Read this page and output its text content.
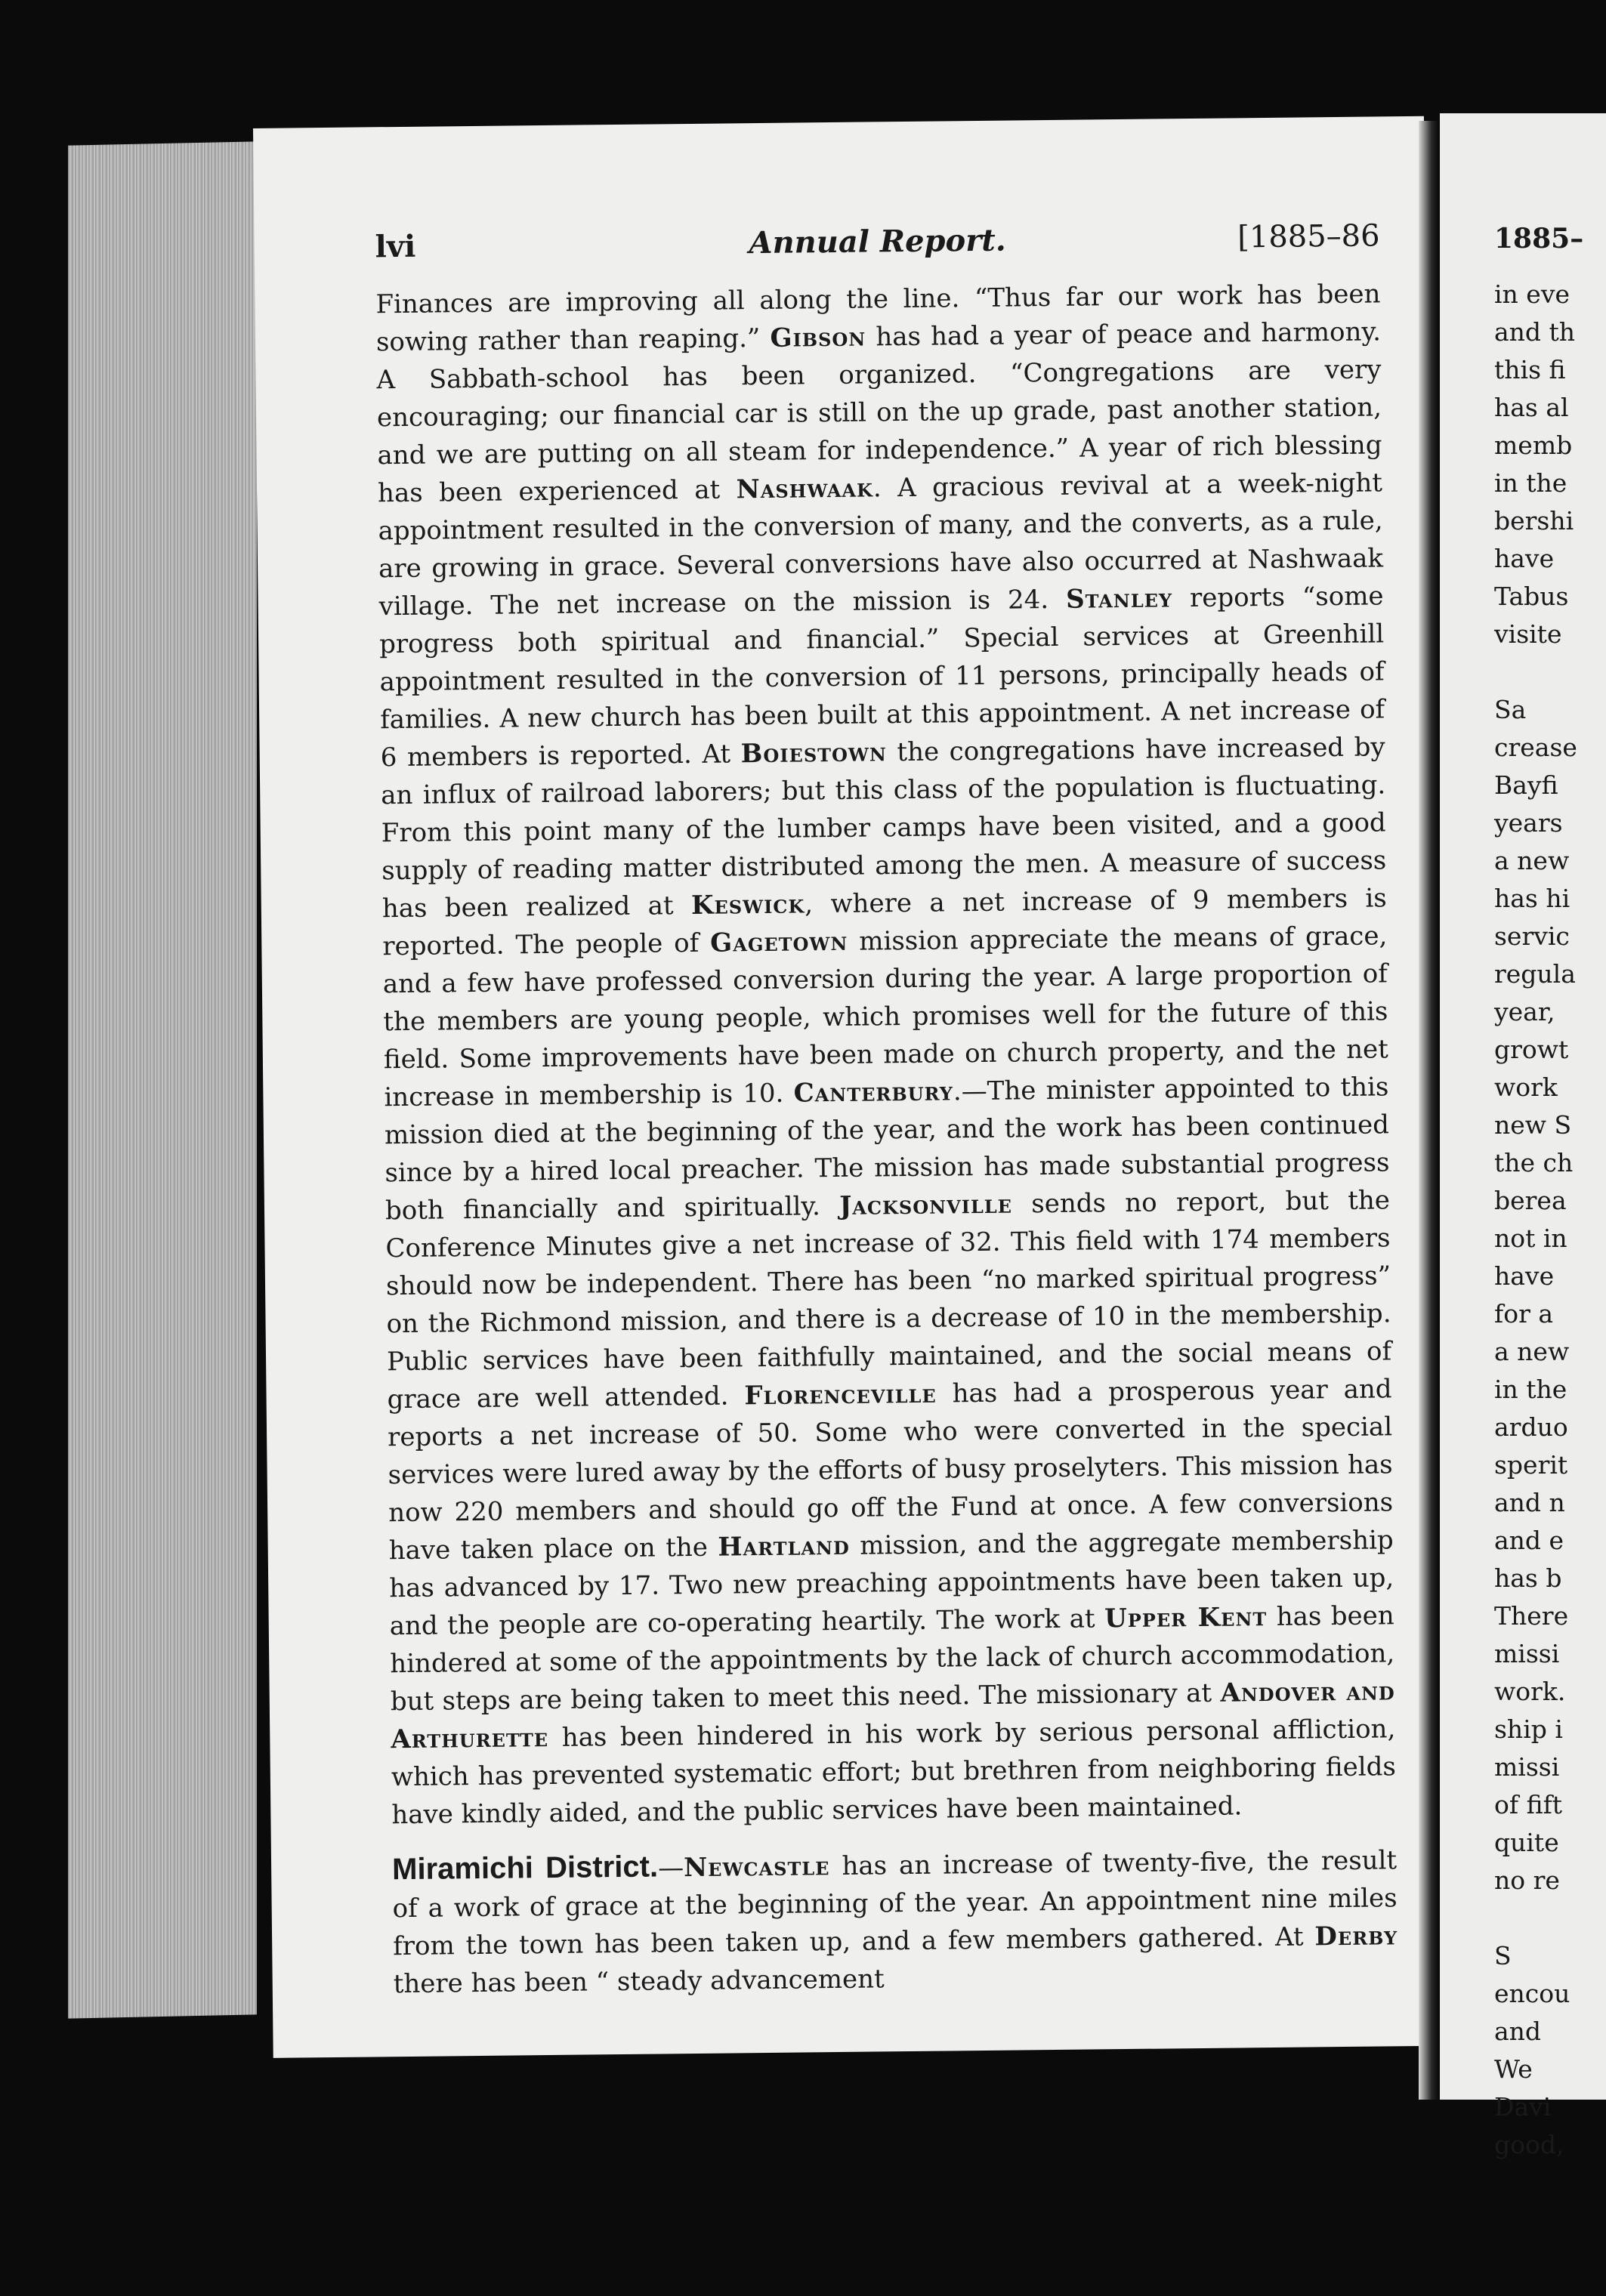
lvi	Annual Report.	[1885–86

Finances are improving all along the line. “Thus far our work has been sowing rather than reaping.” Gibson has had a year of peace and harmony. A Sabbath-school has been organized. “Congregations are very encouraging; our financial car is still on the up grade, past another station, and we are putting on all steam for independence.” A year of rich blessing has been experienced at Nashwaak. A gracious revival at a week-night appointment resulted in the conversion of many, and the converts, as a rule, are growing in grace. Several conversions have also occurred at Nashwaak village. The net increase on the mission is 24. Stanley reports “some progress both spiritual and financial.” Special services at Greenhill appointment resulted in the conversion of 11 persons, principally heads of families. A new church has been built at this appointment. A net increase of 6 members is reported. At Boiestown the congregations have increased by an influx of railroad laborers; but this class of the population is fluctuating. From this point many of the lumber camps have been visited, and a good supply of reading matter distributed among the men. A measure of success has been realized at Keswick, where a net increase of 9 members is reported. The people of Gagetown mission appreciate the means of grace, and a few have professed conversion during the year. A large proportion of the members are young people, which promises well for the future of this field. Some improvements have been made on church property, and the net increase in membership is 10. Canterbury.—The minister appointed to this mission died at the beginning of the year, and the work has been continued since by a hired local preacher. The mission has made substantial progress both financially and spiritually. Jacksonville sends no report, but the Conference Minutes give a net increase of 32. This field with 174 members should now be independent. There has been “no marked spiritual progress” on the Richmond mission, and there is a decrease of 10 in the membership. Public services have been faithfully maintained, and the social means of grace are well attended. Florenceville has had a prosperous year and reports a net increase of 50. Some who were converted in the special services were lured away by the efforts of busy proselyters. This mission has now 220 members and should go off the Fund at once. A few conversions have taken place on the Hartland mission, and the aggregate membership has advanced by 17. Two new preaching appointments have been taken up, and the people are co-operating heartily. The work at Upper Kent has been hindered at some of the appointments by the lack of church accommodation, but steps are being taken to meet this need. The missionary at Andover and Arthurette has been hindered in his work by serious personal affliction, which has prevented systematic effort; but brethren from neighboring fields have kindly aided, and the public services have been maintained.

Miramichi District.—Newcastle has an increase of twenty-five, the result of a work of grace at the beginning of the year. An appointment nine miles from the town has been taken up, and a few members gathered. At Derby there has been “ steady advancement

1885–
in eve
and th
this fi
has al
memb
in the
bershi
have
Tabus
visite
Sa
crease
Bayfi
years
a new
has hi
servic
regula
year,
growt
work
new S
the ch
berea
not in
have
for a
a new
in the
arduo
sperit
and n
and e
has b
There
missi
work.
ship i
missi
of fift
quite
no re
S
encou
and
We
Davi
good,
